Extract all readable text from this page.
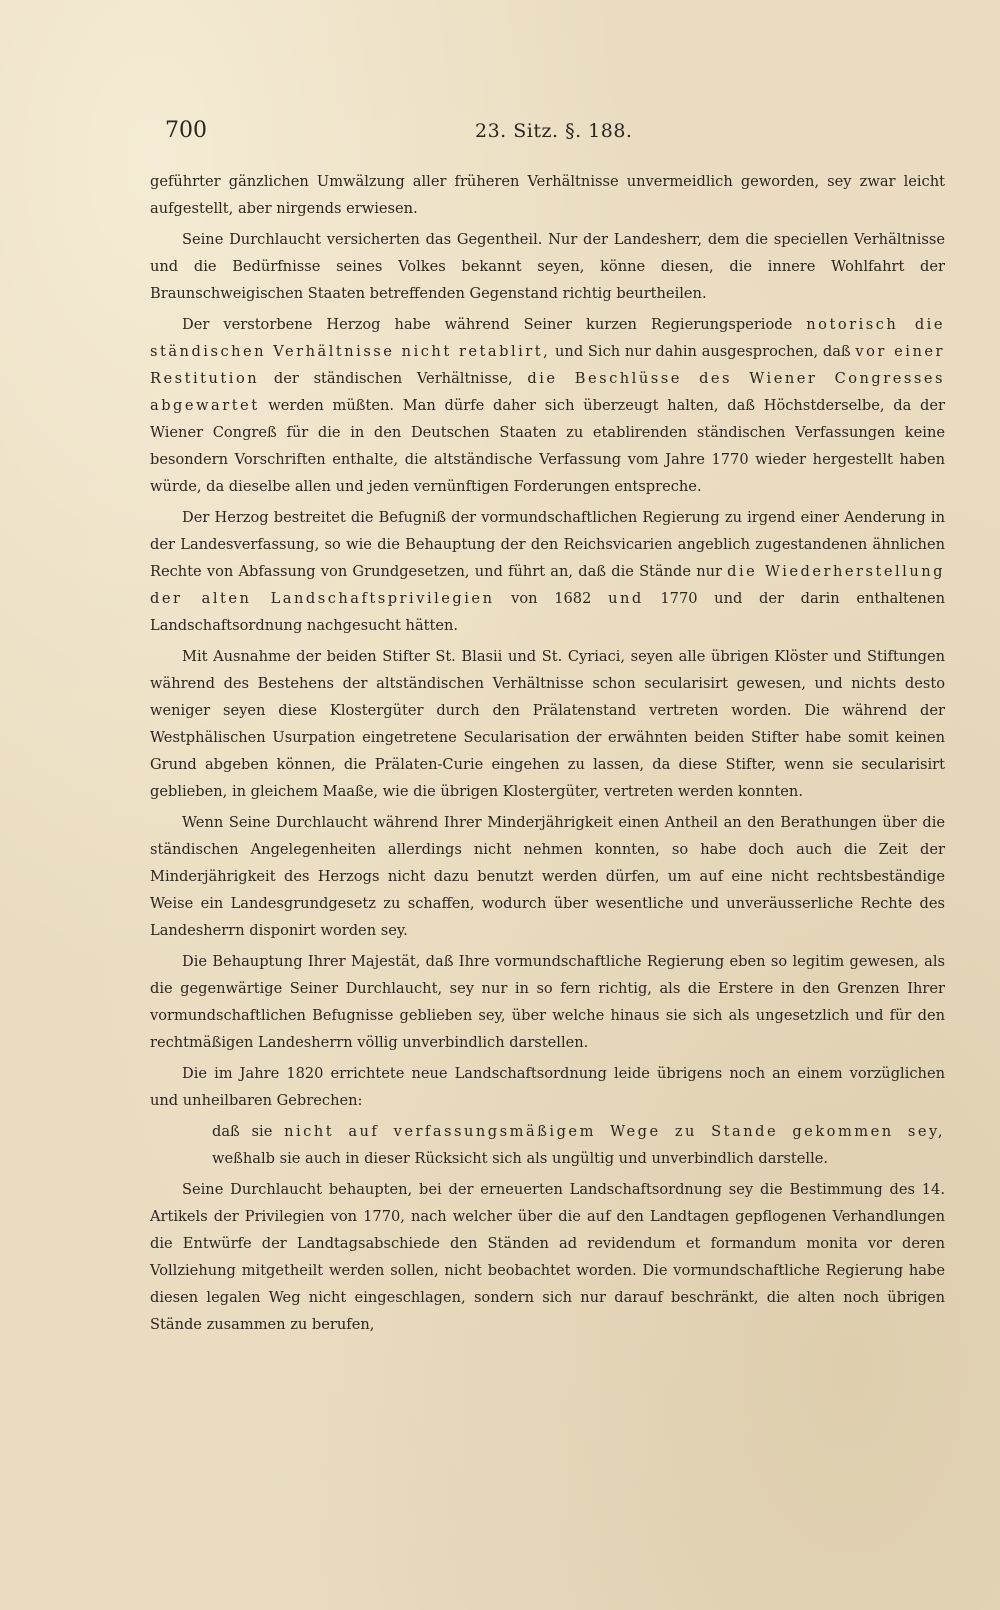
700	23. Sitz. §. 188.

geführter gänzlichen Umwälzung aller früheren Verhältnisse unvermeidlich geworden, sey zwar leicht aufgestellt, aber nirgends erwiesen.

Seine Durchlaucht versicherten das Gegentheil. Nur der Landesherr, dem die speciellen Verhältnisse und die Bedürfnisse seines Volkes bekannt seyen, könne diesen, die innere Wohlfahrt der Braunschweigischen Staaten betreffenden Gegenstand richtig beurtheilen.

Der verstorbene Herzog habe während Seiner kurzen Regierungsperiode notorisch die ständischen Verhältnisse nicht retablirt, und Sich nur dahin ausgesprochen, daß vor einer Restitution der ständischen Verhältnisse, die Beschlüsse des Wiener Congresses abgewartet werden müßten. Man dürfe daher sich überzeugt halten, daß Höchstderselbe, da der Wiener Congreß für die in den Deutschen Staaten zu etablirenden ständischen Verfassungen keine besondern Vorschriften enthalte, die altständische Verfassung vom Jahre 1770 wieder hergestellt haben würde, da dieselbe allen und jeden vernünftigen Forderungen entspreche.

Der Herzog bestreitet die Befugniß der vormundschaftlichen Regierung zu irgend einer Aenderung in der Landesverfassung, so wie die Behauptung der den Reichsvicarien angeblich zugestandenen ähnlichen Rechte von Abfassung von Grundgesetzen, und führt an, daß die Stände nur die Wiederherstellung der alten Landschaftsprivilegien von 1682 und 1770 und der darin enthaltenen Landschaftsordnung nachgesucht hätten.

Mit Ausnahme der beiden Stifter St. Blasii und St. Cyriaci, seyen alle übrigen Klöster und Stiftungen während des Bestehens der altständischen Verhältnisse schon secularisirt gewesen, und nichts desto weniger seyen diese Klostergüter durch den Prälatenstand vertreten worden. Die während der Westphälischen Usurpation eingetretene Secularisation der erwähnten beiden Stifter habe somit keinen Grund abgeben können, die Prälaten-Curie eingehen zu lassen, da diese Stifter, wenn sie secularisirt geblieben, in gleichem Maaße, wie die übrigen Klostergüter, vertreten werden konnten.

Wenn Seine Durchlaucht während Ihrer Minderjährigkeit einen Antheil an den Berathungen über die ständischen Angelegenheiten allerdings nicht nehmen konnten, so habe doch auch die Zeit der Minderjährigkeit des Herzogs nicht dazu benutzt werden dürfen, um auf eine nicht rechtsbeständige Weise ein Landesgrundgesetz zu schaffen, wodurch über wesentliche und unveräusserliche Rechte des Landesherrn disponirt worden sey.

Die Behauptung Ihrer Majestät, daß Ihre vormundschaftliche Regierung eben so legitim gewesen, als die gegenwärtige Seiner Durchlaucht, sey nur in so fern richtig, als die Erstere in den Grenzen Ihrer vormundschaftlichen Befugnisse geblieben sey, über welche hinaus sie sich als ungesetzlich und für den rechtmäßigen Landesherrn völlig unverbindlich darstellen.

Die im Jahre 1820 errichtete neue Landschaftsordnung leide übrigens noch an einem vorzüglichen und unheilbaren Gebrechen:

daß sie nicht auf verfassungsmäßigem Wege zu Stande gekommen sey, weßhalb sie auch in dieser Rücksicht sich als ungültig und unverbindlich darstelle.

Seine Durchlaucht behaupten, bei der erneuerten Landschaftsordnung sey die Bestimmung des 14. Artikels der Privilegien von 1770, nach welcher über die auf den Landtagen gepflogenen Verhandlungen die Entwürfe der Landtagsabschiede den Ständen ad revidendum et formandum monita vor deren Vollziehung mitgetheilt werden sollen, nicht beobachtet worden. Die vormundschaftliche Regierung habe diesen legalen Weg nicht eingeschlagen, sondern sich nur darauf beschränkt, die alten noch übrigen Stände zusammen zu berufen,
